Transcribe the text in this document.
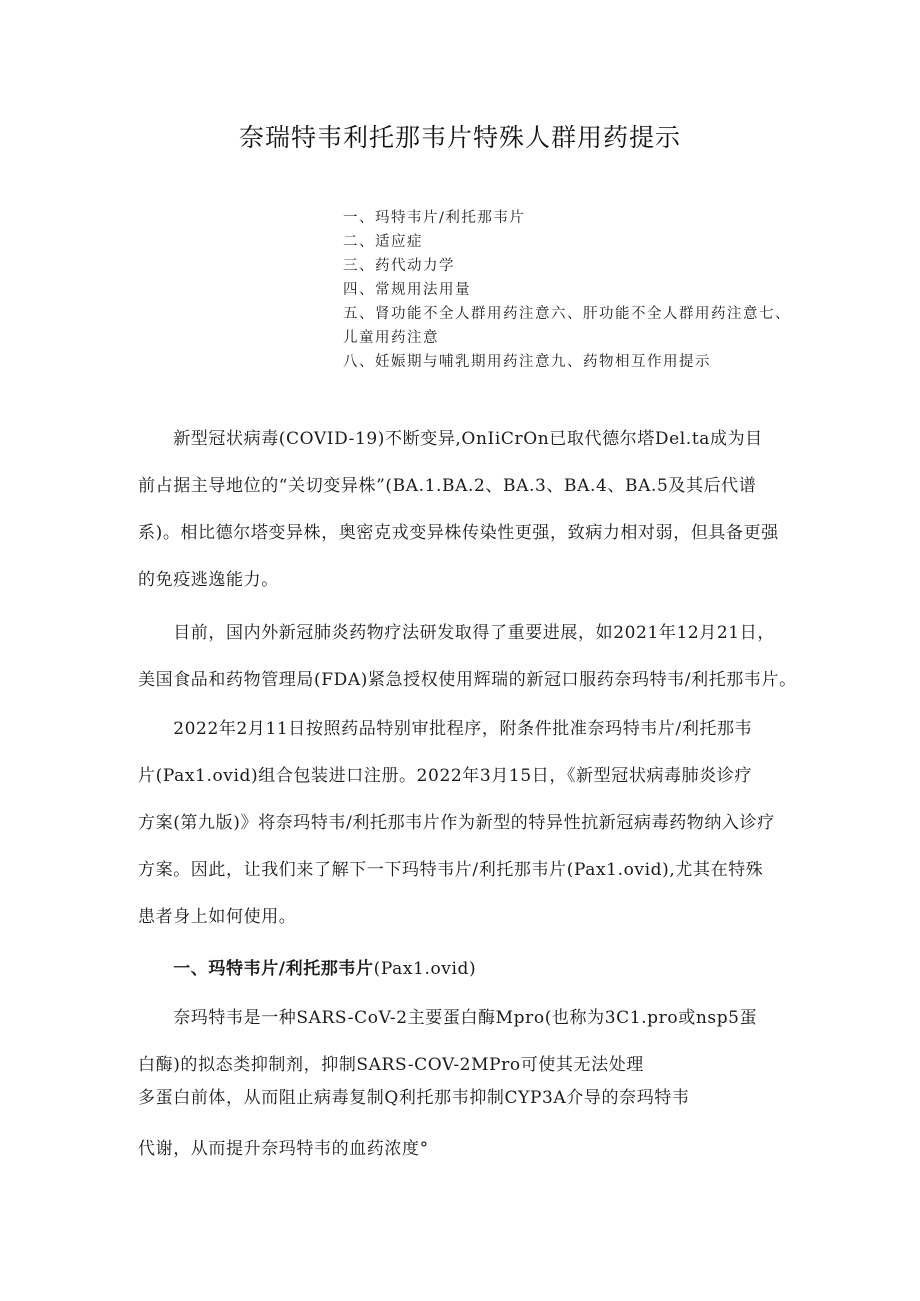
奈瑞特韦利托那韦片特殊人群用药提示
一、玛特韦片/利托那韦片
二、适应症
三、药代动力学
四、常规用法用量
五、肾功能不全人群用药注意六、肝功能不全人群用药注意七、
儿童用药注意
八、妊娠期与哺乳期用药注意九、药物相互作用提示

　　新型冠状病毒(COVID-19)不断变异,OnIiCrOn已取代德尔塔Del.ta成为目

前占据主导地位的“关切变异株”(BA.1.BA.2、BA.3、BA.4、BA.5及其后代谱

系)。相比德尔塔变异株，奥密克戎变异株传染性更强，致病力相对弱，但具备更强

的免疫逃逸能力。

　　目前，国内外新冠肺炎药物疗法研发取得了重要进展，如2021年12月21日，

美国食品和药物管理局(FDA)紧急授权使用辉瑞的新冠口服药奈玛特韦/利托那韦片。

　　2022年2月11日按照药品特别审批程序，附条件批准奈玛特韦片/利托那韦

片(Pax1.ovid)组合包装进口注册。2022年3月15日，《新型冠状病毒肺炎诊疗

方案(第九版)》将奈玛特韦/利托那韦片作为新型的特异性抗新冠病毒药物纳入诊疗

方案。因此，让我们来了解下一下玛特韦片/利托那韦片(Pax1.ovid),尤其在特殊

患者身上如何使用。

　　一、玛特韦片/利托那韦片(Pax1.ovid)

　　奈玛特韦是一种SARS-CoV-2主要蛋白酶Mpro(也称为3C1.pro或nsp5蛋

白酶)的拟态类抑制剂，抑制SARS-COV-2MPro可使其无法处理

多蛋白前体，从而阻止病毒复制Q利托那韦抑制CYP3A介导的奈玛特韦

代谢，从而提升奈玛特韦的血药浓度°
